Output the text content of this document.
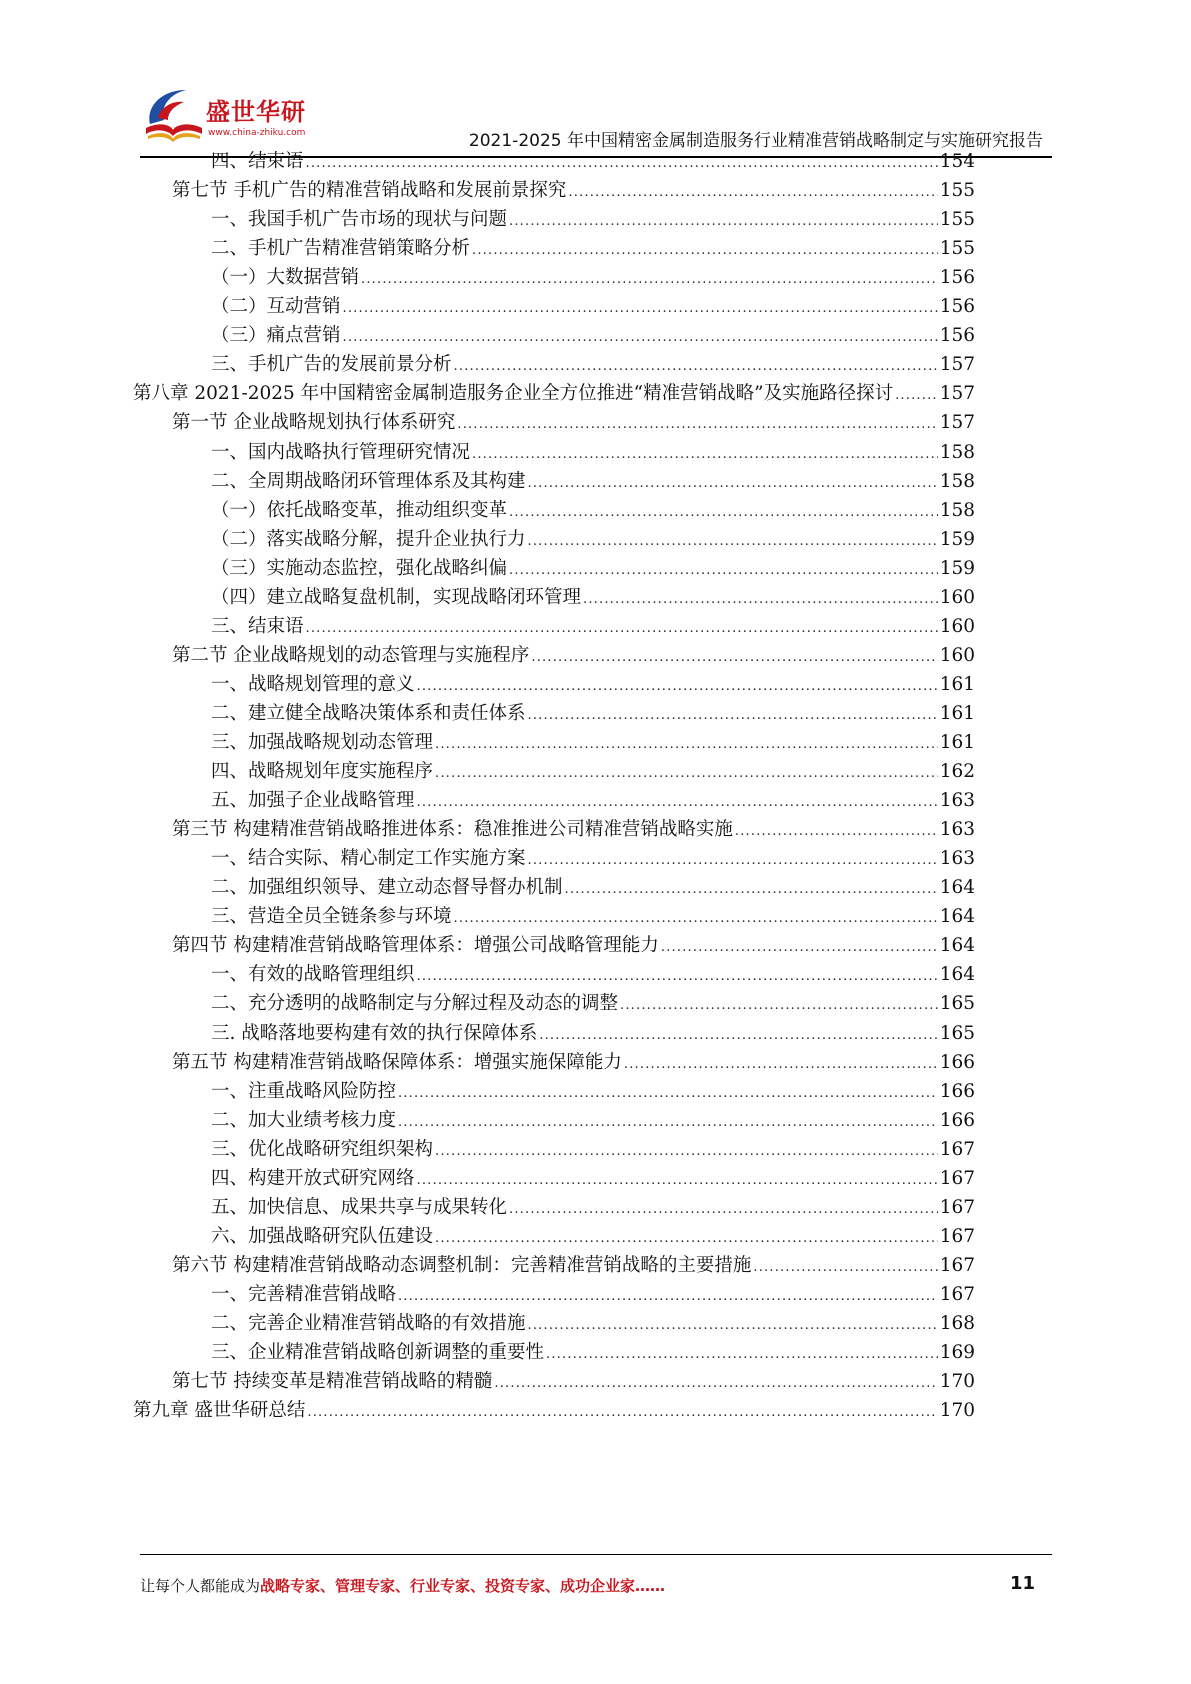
盛世华研
www.china-zhiku.com	2021-2025 年中国精密金属制造服务行业精准营销战略制定与实施研究报告
四、结束语 .....	154
第七节 手机广告的精准营销战略和发展前景探究 .....	155
一、我国手机广告市场的现状与问题 .....	155
二、手机广告精准营销策略分析 .....	155
（一）大数据营销 .....	156
（二）互动营销 .....	156
（三）痛点营销 .....	156
三、手机广告的发展前景分析 .....	157
第八章 2021-2025 年中国精密金属制造服务企业全方位推进“精准营销战略”及实施路径探讨 .....	157
第一节 企业战略规划执行体系研究 .....	157
一、国内战略执行管理研究情况 .....	158
二、全周期战略闭环管理体系及其构建 .....	158
（一）依托战略变革，推动组织变革 .....	158
（二）落实战略分解，提升企业执行力 .....	159
（三）实施动态监控，强化战略纠偏 .....	159
（四）建立战略复盘机制，实现战略闭环管理 .....	160
三、结束语 .....	160
第二节 企业战略规划的动态管理与实施程序 .....	160
一、战略规划管理的意义 .....	161
二、建立健全战略决策体系和责任体系 .....	161
三、加强战略规划动态管理 .....	161
四、战略规划年度实施程序 .....	162
五、加强子企业战略管理 .....	163
第三节 构建精准营销战略推进体系：稳准推进公司精准营销战略实施 .....	163
一、结合实际、精心制定工作实施方案 .....	163
二、加强组织领导、建立动态督导督办机制 .....	164
三、营造全员全链条参与环境 .....	164
第四节 构建精准营销战略管理体系：增强公司战略管理能力 .....	164
一、有效的战略管理组织 .....	164
二、充分透明的战略制定与分解过程及动态的调整 .....	165
三. 战略落地要构建有效的执行保障体系 .....	165
第五节 构建精准营销战略保障体系：增强实施保障能力 .....	166
一、注重战略风险防控 .....	166
二、加大业绩考核力度 .....	166
三、优化战略研究组织架构 .....	167
四、构建开放式研究网络 .....	167
五、加快信息、成果共享与成果转化 .....	167
六、加强战略研究队伍建设 .....	167
第六节 构建精准营销战略动态调整机制：完善精准营销战略的主要措施 .....	167
一、完善精准营销战略 .....	167
二、完善企业精准营销战略的有效措施 .....	168
三、企业精准营销战略创新调整的重要性 .....	169
第七节 持续变革是精准营销战略的精髓 .....	170
第九章 盛世华研总结 .....	170
让每个人都能成为战略专家、管理专家、行业专家、投资专家、成功企业家……	11
